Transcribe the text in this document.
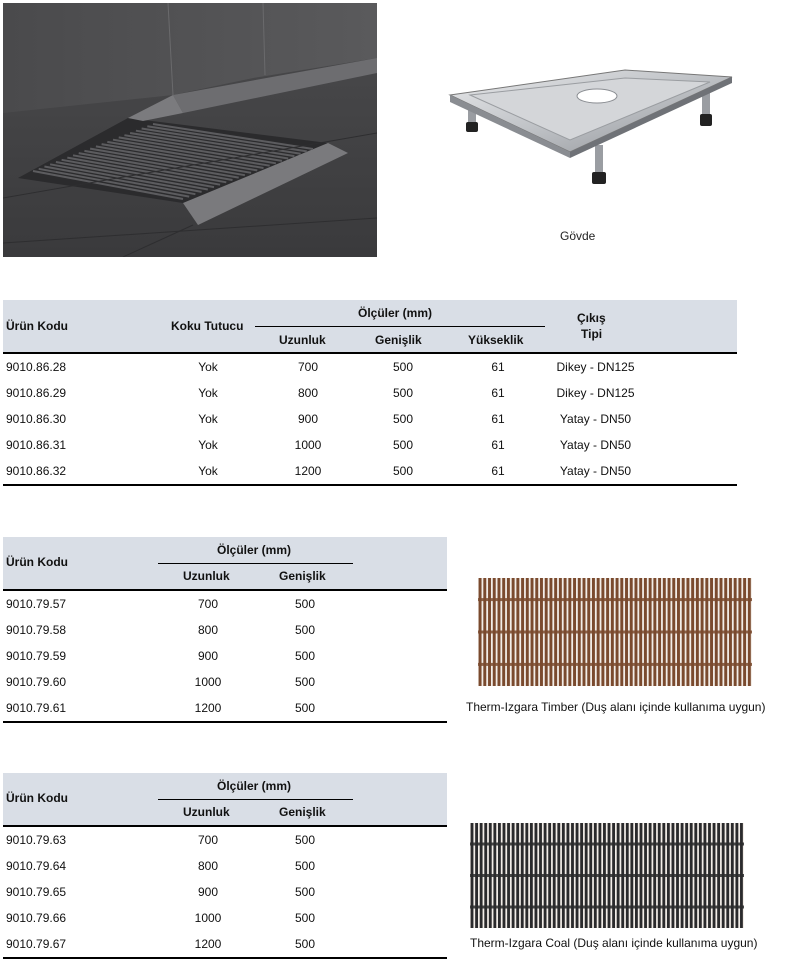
Gövde
Ürün Kodu	Koku Tutucu
Ölçüler (mm)
Uzunluk	Genişlik	Yükseklik
Çıkış
Tipi
9010.86.28	Yok	700	500	61	Dikey - DN125
9010.86.29	Yok	800	500	61	Dikey - DN125
9010.86.30	Yok	900	500	61	Yatay - DN50
9010.86.31	Yok	1000	500	61	Yatay - DN50
9010.86.32	Yok	1200	500	61	Yatay - DN50
Ürün Kodu
Ölçüler (mm)
Uzunluk	Genişlik
9010.79.57	700	500
9010.79.58	800	500
9010.79.59	900	500
9010.79.60	1000	500
9010.79.61	1200	500	Therm-Izgara Timber (Duş alanı içinde kullanıma uygun)
Ürün Kodu
Ölçüler (mm)
Uzunluk	Genişlik
9010.79.63	700	500
9010.79.64	800	500
9010.79.65	900	500
9010.79.66	1000	500
9010.79.67	1200	500	Therm-Izgara Coal (Duş alanı içinde kullanıma uygun)
